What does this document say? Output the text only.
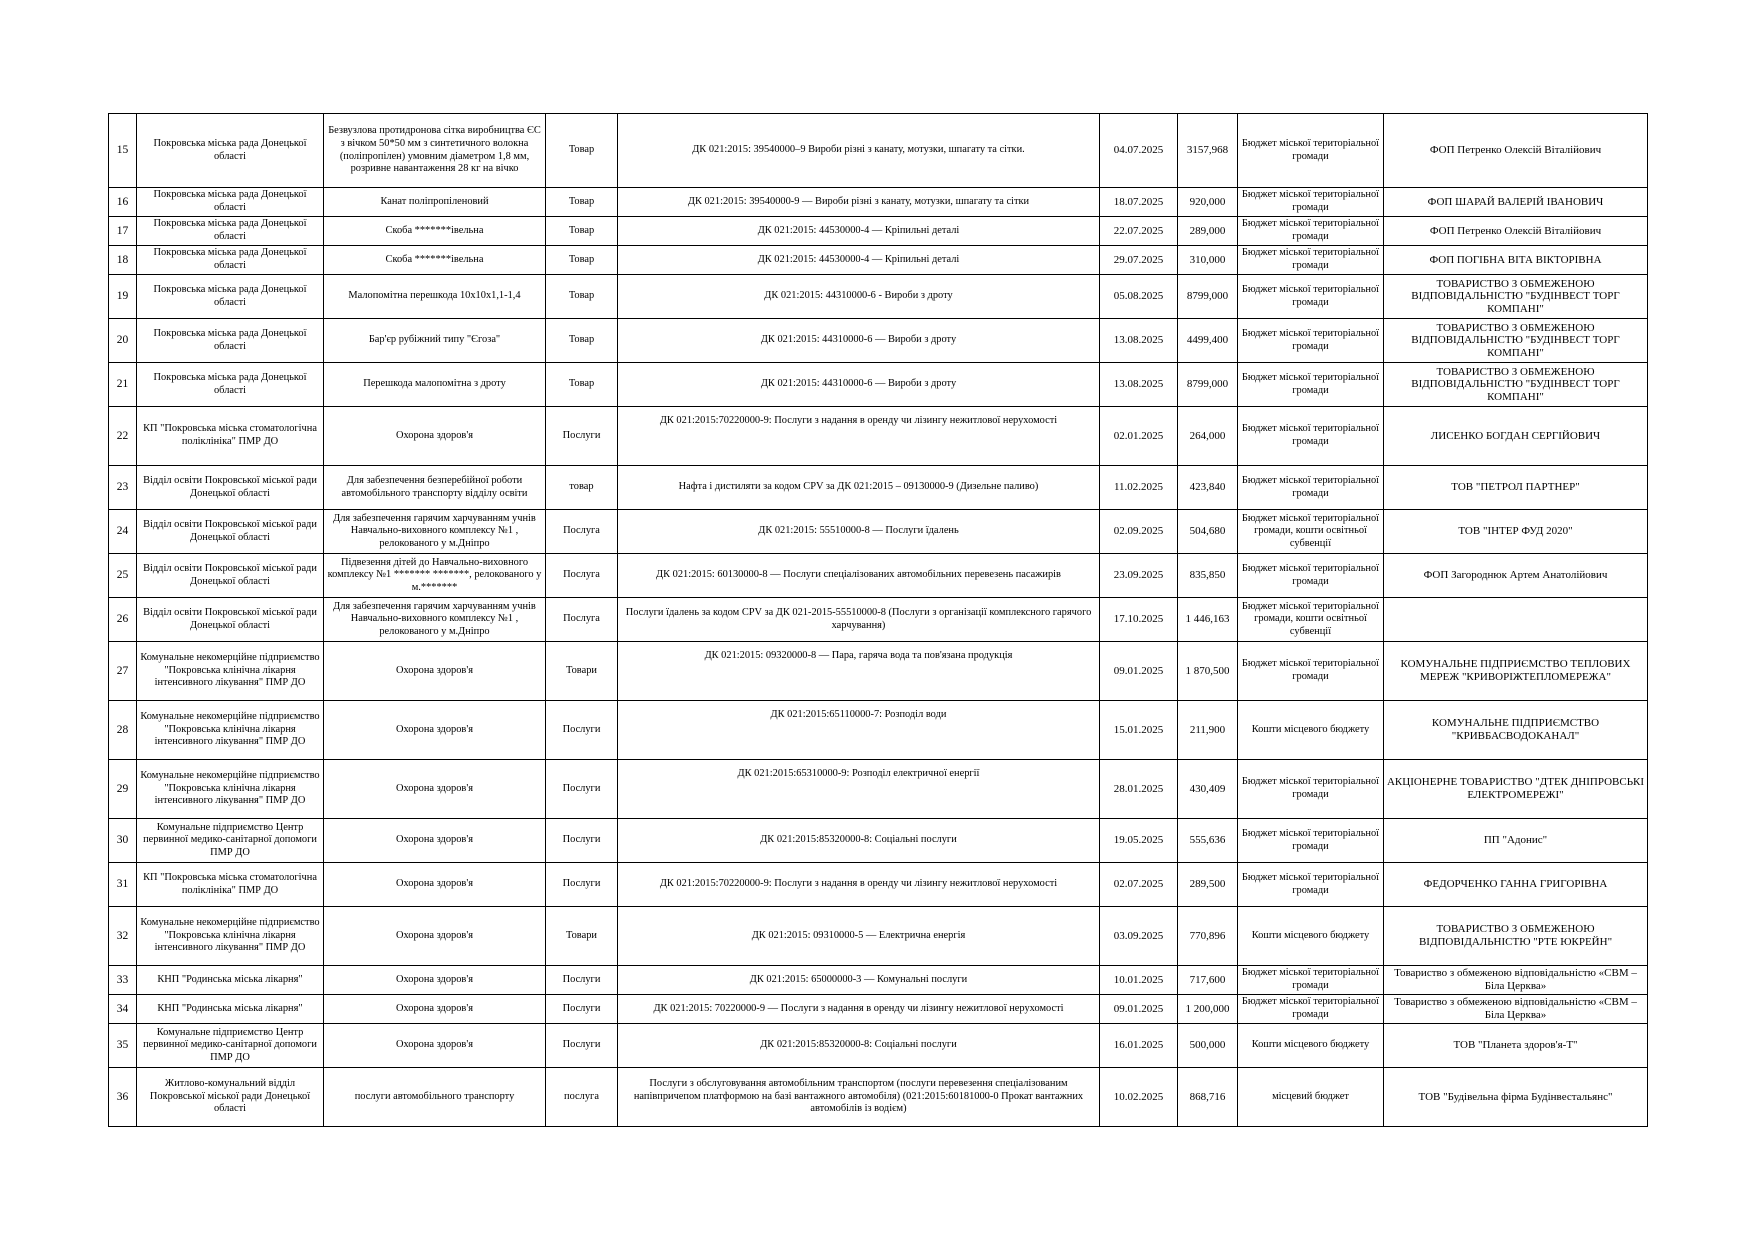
15	Покровська міська рада Донецької області	Безвузлова протидронова сітка виробництва ЄС з вічком 50*50 мм з синтетичного волокна (поліпропілен) умовним діаметром 1,8 мм, розривне навантаження 28 кг на вічко	Товар	ДК 021:2015: 39540000–9 Вироби різні з канату, мотузки, шпагату та сітки.	04.07.2025	3157,968	Бюджет міської територіальної громади	ФОП Петренко Олексій Віталійович
16	Покровська міська рада Донецької області	Канат поліпропіленовий	Товар	ДК 021:2015: 39540000-9 — Вироби різні з канату, мотузки, шпагату та сітки	18.07.2025	920,000	Бюджет міської територіальної громади	ФОП ШАРАЙ ВАЛЕРІЙ ІВАНОВИЧ
17	Покровська міська рада Донецької області	Скоба *******івельна	Товар	ДК 021:2015: 44530000-4 — Кріпильні деталі	22.07.2025	289,000	Бюджет міської територіальної громади	ФОП Петренко Олексій Віталійович
18	Покровська міська рада Донецької області	Скоба *******івельна	Товар	ДК 021:2015: 44530000-4 — Кріпильні деталі	29.07.2025	310,000	Бюджет міської територіальної громади	ФОП ПОГІБНА ВІТА ВІКТОРІВНА
19	Покровська міська рада Донецької області	Малопомітна перешкода 10х10х1,1-1,4	Товар	ДК 021:2015: 44310000-6 - Вироби з дроту	05.08.2025	8799,000	Бюджет міської територіальної громади	ТОВАРИСТВО З ОБМЕЖЕНОЮ ВІДПОВІДАЛЬНІСТЮ "БУДІНВЕСТ ТОРГ КОМПАНІ"
20	Покровська міська рада Донецької області	Бар'єр рубіжний типу "Єгоза"	Товар	ДК 021:2015: 44310000-6 — Вироби з дроту	13.08.2025	4499,400	Бюджет міської територіальної громади	ТОВАРИСТВО З ОБМЕЖЕНОЮ ВІДПОВІДАЛЬНІСТЮ "БУДІНВЕСТ ТОРГ КОМПАНІ"
21	Покровська міська рада Донецької області	Перешкода малопомітна з дроту	Товар	ДК 021:2015: 44310000-6 — Вироби з дроту	13.08.2025	8799,000	Бюджет міської територіальної громади	ТОВАРИСТВО З ОБМЕЖЕНОЮ ВІДПОВІДАЛЬНІСТЮ "БУДІНВЕСТ ТОРГ КОМПАНІ"
22	КП "Покровська міська стоматологічна поліклініка" ПМР ДО	Охорона здоров'я	Послуги	ДК 021:2015:70220000-9: Послуги з надання в оренду чи лізингу нежитлової нерухомості	02.01.2025	264,000	Бюджет міської територіальної громади	ЛИСЕНКО БОГДАН СЕРГІЙОВИЧ
23	Відділ освіти Покровської міської ради Донецької області	Для забезпечення безперебійної роботи автомобільного транспорту відділу освіти	товар	Нафта і дистиляти за кодом CPV за ДК 021:2015 – 09130000-9 (Дизельне паливо)	11.02.2025	423,840	Бюджет міської територіальної громади	ТОВ "ПЕТРОЛ ПАРТНЕР"
24	Відділ освіти Покровської міської ради Донецької області	Для забезпечення гарячим харчуванням учнів Навчально-виховного комплексу №1 , релокованого у м.Дніпро	Послуга	ДК 021:2015: 55510000-8 — Послуги їдалень	02.09.2025	504,680	Бюджет міської територіальної громади, кошти освітньої субвенції	ТОВ "ІНТЕР ФУД 2020"
25	Відділ освіти Покровської міської ради Донецької області	Підвезення дітей до Навчально-виховного комплексу №1 ******* *******, релокованого у м.*******	Послуга	ДК 021:2015: 60130000-8 — Послуги спеціалізованих автомобільних перевезень пасажирів	23.09.2025	835,850	Бюджет міської територіальної громади	ФОП Загороднюк Артем Анатолійович
26	Відділ освіти Покровської міської ради Донецької області	Для забезпечення гарячим харчуванням учнів Навчально-виховного комплексу №1 , релокованого у м.Дніпро	Послуга	Послуги їдалень за кодом CPV за ДК 021-2015-55510000-8 (Послуги з організації комплексного гарячого харчування)	17.10.2025	1 446,163	Бюджет міської територіальної громади, кошти освітньої субвенції	
27	Комунальне некомерційне підприємство "Покровська клінічна лікарня інтенсивного лікування" ПМР ДО	Охорона здоров'я	Товари	ДК 021:2015: 09320000-8 — Пара, гаряча вода та пов'язана продукція	09.01.2025	1 870,500	Бюджет міської територіальної громади	КОМУНАЛЬНЕ ПІДПРИЄМСТВО ТЕПЛОВИХ МЕРЕЖ "КРИВОРІЖТЕПЛОМЕРЕЖА"
28	Комунальне некомерційне підприємство "Покровська клінічна лікарня інтенсивного лікування" ПМР ДО	Охорона здоров'я	Послуги	ДК 021:2015:65110000-7: Розподіл води	15.01.2025	211,900	Кошти місцевого бюджету	КОМУНАЛЬНЕ ПІДПРИЄМСТВО "КРИВБАСВОДОКАНАЛ"
29	Комунальне некомерційне підприємство "Покровська клінічна лікарня інтенсивного лікування" ПМР ДО	Охорона здоров'я	Послуги	ДК 021:2015:65310000-9: Розподіл електричної енергії	28.01.2025	430,409	Бюджет міської територіальної громади	АКЦІОНЕРНЕ ТОВАРИСТВО "ДТЕК ДНІПРОВСЬКІ ЕЛЕКТРОМЕРЕЖІ"
30	Комунальне підприємство Центр первинної медико-санітарної допомоги ПМР ДО	Охорона здоров'я	Послуги	ДК 021:2015:85320000-8: Соціальні послуги	19.05.2025	555,636	Бюджет міської територіальної громади	ПП "Адонис"
31	КП "Покровська міська стоматологічна поліклініка" ПМР ДО	Охорона здоров'я	Послуги	ДК 021:2015:70220000-9: Послуги з надання в оренду чи лізингу нежитлової нерухомості	02.07.2025	289,500	Бюджет міської територіальної громади	ФЕДОРЧЕНКО ГАННА ГРИГОРІВНА
32	Комунальне некомерційне підприємство "Покровська клінічна лікарня інтенсивного лікування" ПМР ДО	Охорона здоров'я	Товари	ДК 021:2015: 09310000-5 — Електрична енергія	03.09.2025	770,896	Кошти місцевого бюджету	ТОВАРИСТВО З ОБМЕЖЕНОЮ ВІДПОВІДАЛЬНІСТЮ "РТЕ ЮКРЕЙН"
33	КНП "Родинська міська лікарня"	Охорона здоров'я	Послуги	ДК 021:2015: 65000000-3 — Комунальні послуги	10.01.2025	717,600	Бюджет міської територіальної громади	Товариство з обмеженою відповідальністю «СВМ – Біла Церква»
34	КНП "Родинська міська лікарня"	Охорона здоров'я	Послуги	ДК 021:2015: 70220000-9 — Послуги з надання в оренду чи лізингу нежитлової нерухомості	09.01.2025	1 200,000	Бюджет міської територіальної громади	Товариство з обмеженою відповідальністю «СВМ – Біла Церква»
35	Комунальне підприємство Центр первинної медико-санітарної допомоги ПМР ДО	Охорона здоров'я	Послуги	ДК 021:2015:85320000-8: Соціальні послуги	16.01.2025	500,000	Кошти місцевого бюджету	ТОВ "Планета здоров'я-Т"
36	Житлово-комунальний відділ Покровської міської ради Донецької області	послуги автомобільного транспорту	послуга	Послуги з обслуговування автомобільним транспортом (послуги перевезення спеціалізованим напівпричепом платформою на базі вантажного автомобіля) (021:2015:60181000-0 Прокат вантажних автомобілів із водієм)	10.02.2025	868,716	місцевий бюджет	ТОВ "Будівельна фірма Будінвестальянс"
